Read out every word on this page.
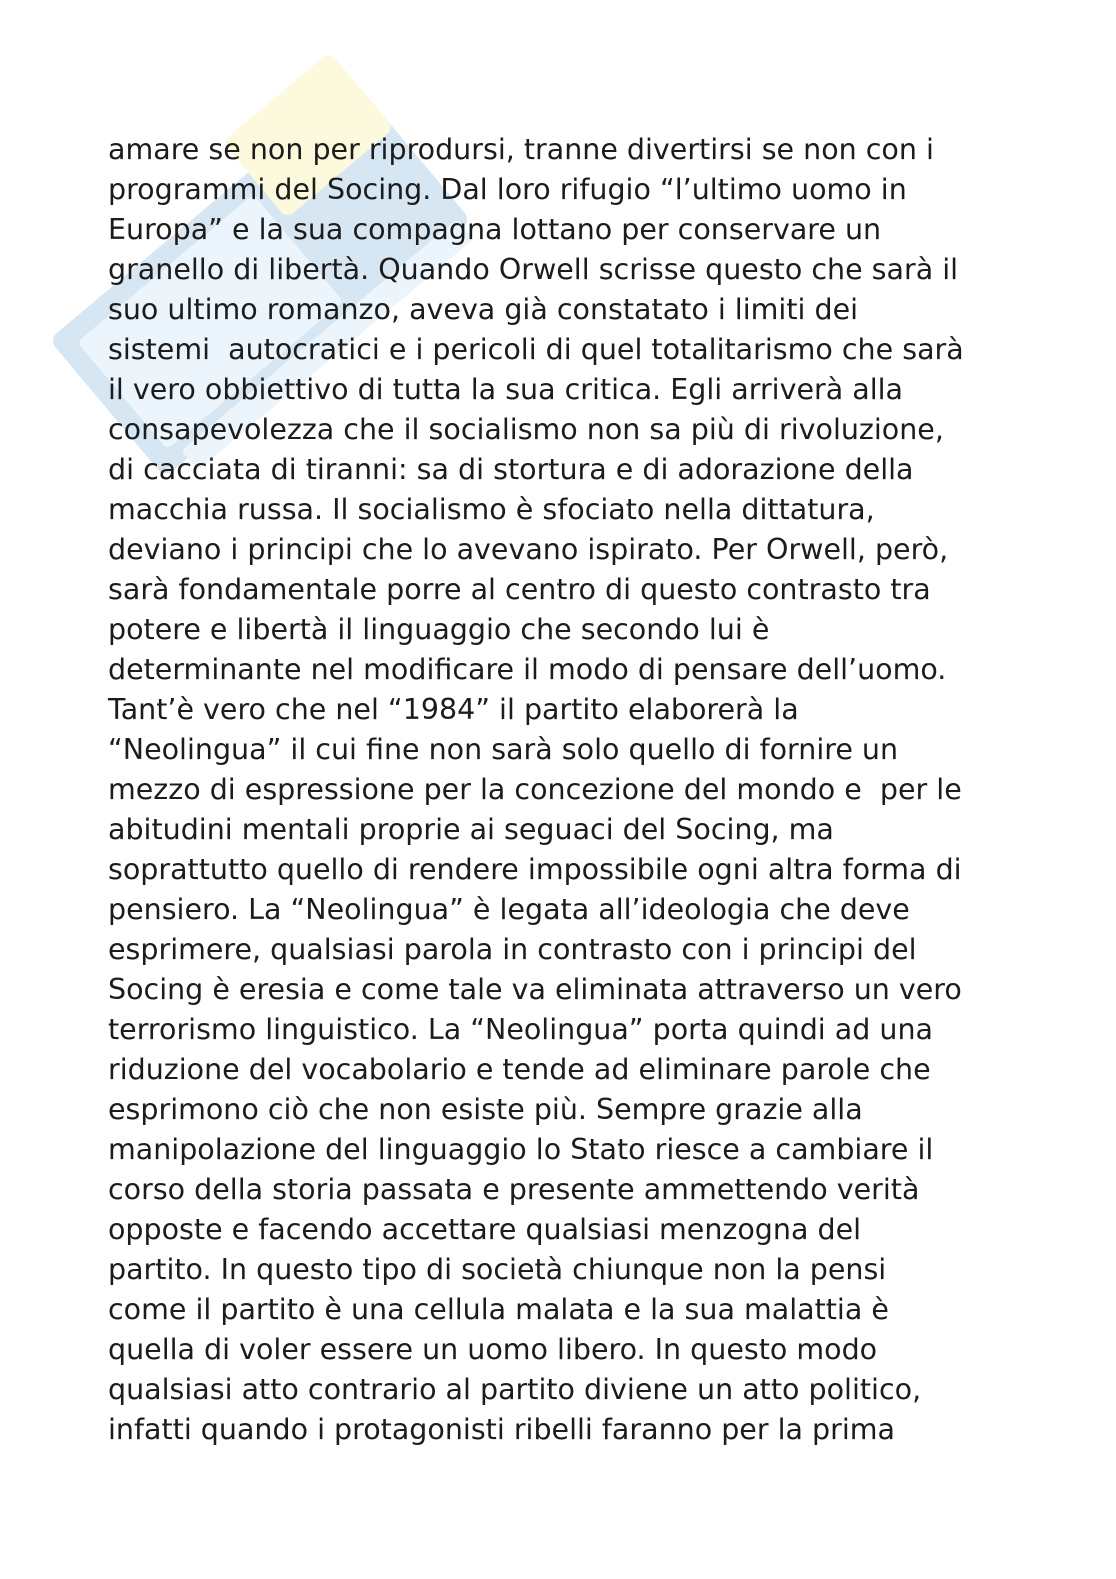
amare se non per riprodursi, tranne divertirsi se non con i
programmi del Socing. Dal loro rifugio “l’ultimo uomo in
Europa” e la sua compagna lottano per conservare un
granello di libertà. Quando Orwell scrisse questo che sarà il
suo ultimo romanzo, aveva già constatato i limiti dei
sistemi  autocratici e i pericoli di quel totalitarismo che sarà
il vero obbiettivo di tutta la sua critica. Egli arriverà alla
consapevolezza che il socialismo non sa più di rivoluzione,
di cacciata di tiranni: sa di stortura e di adorazione della
macchia russa. Il socialismo è sfociato nella dittatura,
deviano i principi che lo avevano ispirato. Per Orwell, però,
sarà fondamentale porre al centro di questo contrasto tra
potere e libertà il linguaggio che secondo lui è
determinante nel modificare il modo di pensare dell’uomo.
Tant’è vero che nel “1984” il partito elaborerà la
“Neolingua” il cui fine non sarà solo quello di fornire un
mezzo di espressione per la concezione del mondo e  per le
abitudini mentali proprie ai seguaci del Socing, ma
soprattutto quello di rendere impossibile ogni altra forma di
pensiero. La “Neolingua” è legata all’ideologia che deve
esprimere, qualsiasi parola in contrasto con i principi del
Socing è eresia e come tale va eliminata attraverso un vero
terrorismo linguistico. La “Neolingua” porta quindi ad una
riduzione del vocabolario e tende ad eliminare parole che
esprimono ciò che non esiste più. Sempre grazie alla
manipolazione del linguaggio lo Stato riesce a cambiare il
corso della storia passata e presente ammettendo verità
opposte e facendo accettare qualsiasi menzogna del
partito. In questo tipo di società chiunque non la pensi
come il partito è una cellula malata e la sua malattia è
quella di voler essere un uomo libero. In questo modo
qualsiasi atto contrario al partito diviene un atto politico,
infatti quando i protagonisti ribelli faranno per la prima
